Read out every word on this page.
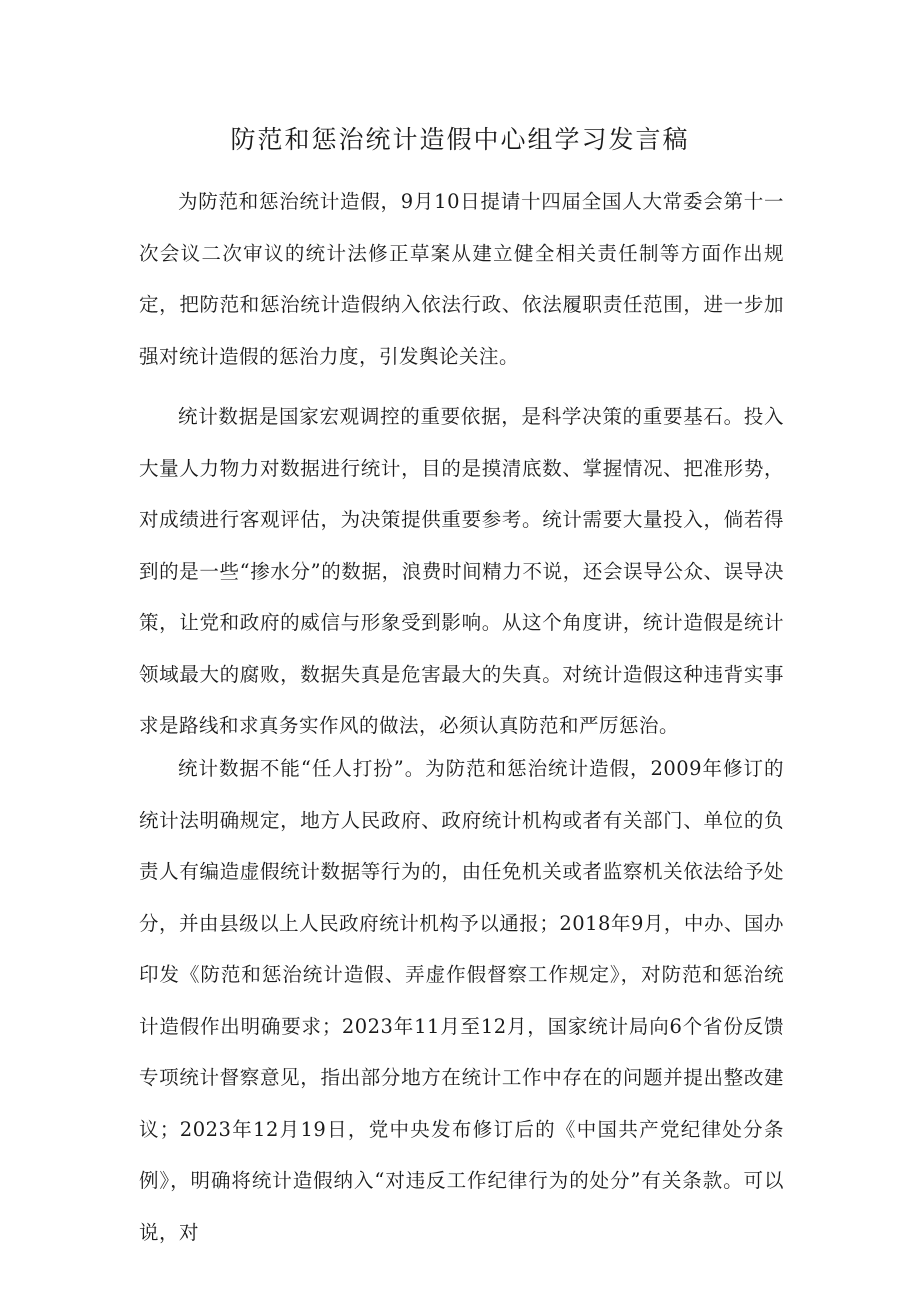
防范和惩治统计造假中心组学习发言稿

为防范和惩治统计造假，9月10日提请十四届全国人大常委会第十一次会议二次审议的统计法修正草案从建立健全相关责任制等方面作出规定，把防范和惩治统计造假纳入依法行政、依法履职责任范围，进一步加强对统计造假的惩治力度，引发舆论关注。

统计数据是国家宏观调控的重要依据，是科学决策的重要基石。投入大量人力物力对数据进行统计，目的是摸清底数、掌握情况、把准形势，对成绩进行客观评估，为决策提供重要参考。统计需要大量投入，倘若得到的是一些“掺水分”的数据，浪费时间精力不说，还会误导公众、误导决策，让党和政府的威信与形象受到影响。从这个角度讲，统计造假是统计领域最大的腐败，数据失真是危害最大的失真。对统计造假这种违背实事求是路线和求真务实作风的做法，必须认真防范和严厉惩治。

统计数据不能“任人打扮”。为防范和惩治统计造假，2009年修订的统计法明确规定，地方人民政府、政府统计机构或者有关部门、单位的负责人有编造虚假统计数据等行为的，由任免机关或者监察机关依法给予处分，并由县级以上人民政府统计机构予以通报；2018年9月，中办、国办印发《防范和惩治统计造假、弄虚作假督察工作规定》，对防范和惩治统计造假作出明确要求；2023年11月至12月，国家统计局向6个省份反馈专项统计督察意见，指出部分地方在统计工作中存在的问题并提出整改建议；2023年12月19日，党中央发布修订后的《中国共产党纪律处分条例》，明确将统计造假纳入“对违反工作纪律行为的处分”有关条款。可以说，对
